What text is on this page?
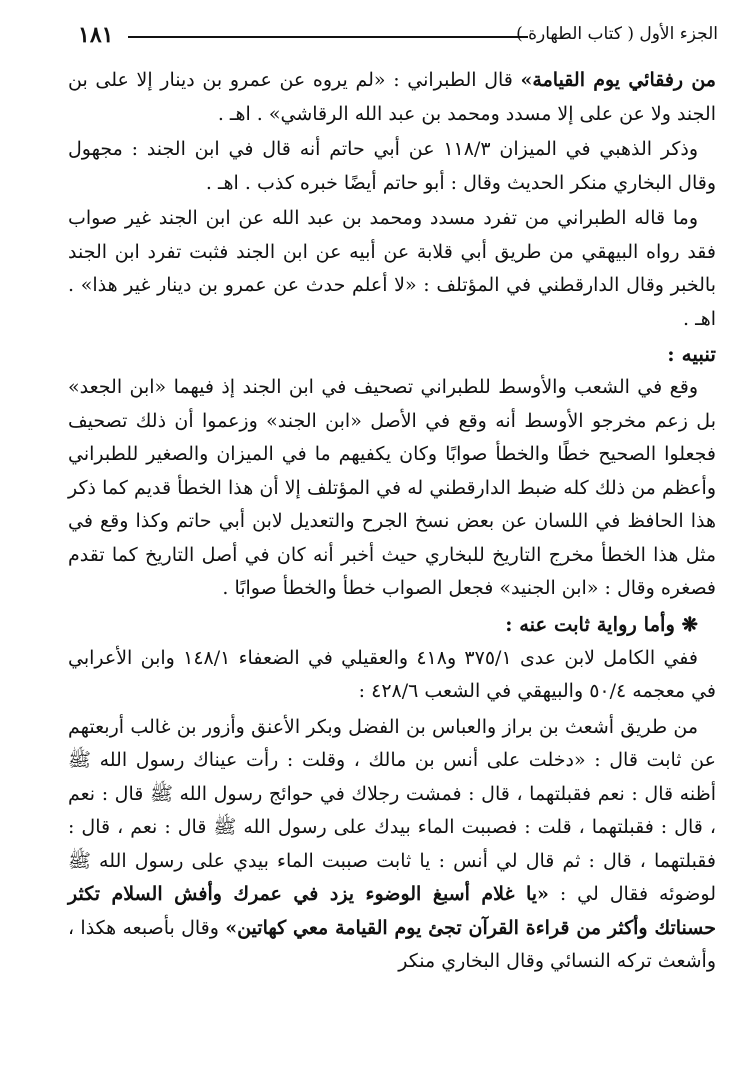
١٨١	الجزء الأول ( كتاب الطهارة )

من رفقائي يوم القيامة» قال الطبراني : «لم يروه عن عمرو بن دينار إلا على بن الجند ولا عن على إلا مسدد ومحمد بن عبد الله الرقاشي» . اهـ .

وذكر الذهبي في الميزان ١١٨/٣ عن أبي حاتم أنه قال في ابن الجند : مجهول وقال البخاري منكر الحديث وقال : أبو حاتم أيضًا خبره كذب . اهـ .

وما قاله الطبراني من تفرد مسدد ومحمد بن عبد الله عن ابن الجند غير صواب فقد رواه البيهقي من طريق أبي قلابة عن أبيه عن ابن الجند فثبت تفرد ابن الجند بالخبر وقال الدارقطني في المؤتلف : «لا أعلم حدث عن عمرو بن دينار غير هذا» . اهـ .

تنبيه :

وقع في الشعب والأوسط للطبراني تصحيف في ابن الجند إذ فيهما «ابن الجعد» بل زعم مخرجو الأوسط أنه وقع في الأصل «ابن الجند» وزعموا أن ذلك تصحيف فجعلوا الصحيح خطًا والخطأ صوابًا وكان يكفيهم ما في الميزان والصغير للطبراني وأعظم من ذلك كله ضبط الدارقطني له في المؤتلف إلا أن هذا الخطأ قديم كما ذكر هذا الحافظ في اللسان عن بعض نسخ الجرح والتعديل لابن أبي حاتم وكذا وقع في مثل هذا الخطأ مخرج التاريخ للبخاري حيث أخبر أنه كان في أصل التاريخ كما تقدم فصغره وقال : «ابن الجنيد» فجعل الصواب خطأ والخطأ صوابًا .

❋ وأما رواية ثابت عنه :

ففي الكامل لابن عدى ٣٧٥/١ و٤١٨ والعقيلي في الضعفاء ١٤٨/١ وابن الأعرابي في معجمه ٥٠/٤ والبيهقي في الشعب ٤٢٨/٦ :

من طريق أشعث بن براز والعباس بن الفضل وبكر الأعنق وأزور بن غالب أربعتهم عن ثابت قال : «دخلت على أنس بن مالك ، وقلت : رأت عيناك رسول الله ﷺ أظنه قال : نعم فقبلتهما ، قال : فمشت رجلاك في حوائج رسول الله ﷺ قال : نعم ، قال : فقبلتهما ، قلت : فصببت الماء بيدك على رسول الله ﷺ قال : نعم ، قال : فقبلتهما ، قال : ثم قال لي أنس : يا ثابت صببت الماء بيدي على رسول الله ﷺ لوضوئه فقال لي : «يا غلام أسبغ الوضوء يزد في عمرك وأفش السلام تكثر حسناتك وأكثر من قراءة القرآن تجئ يوم القيامة معي كهاتين» وقال بأصبعه هكذا ، وأشعث تركه النسائي وقال البخاري منكر
